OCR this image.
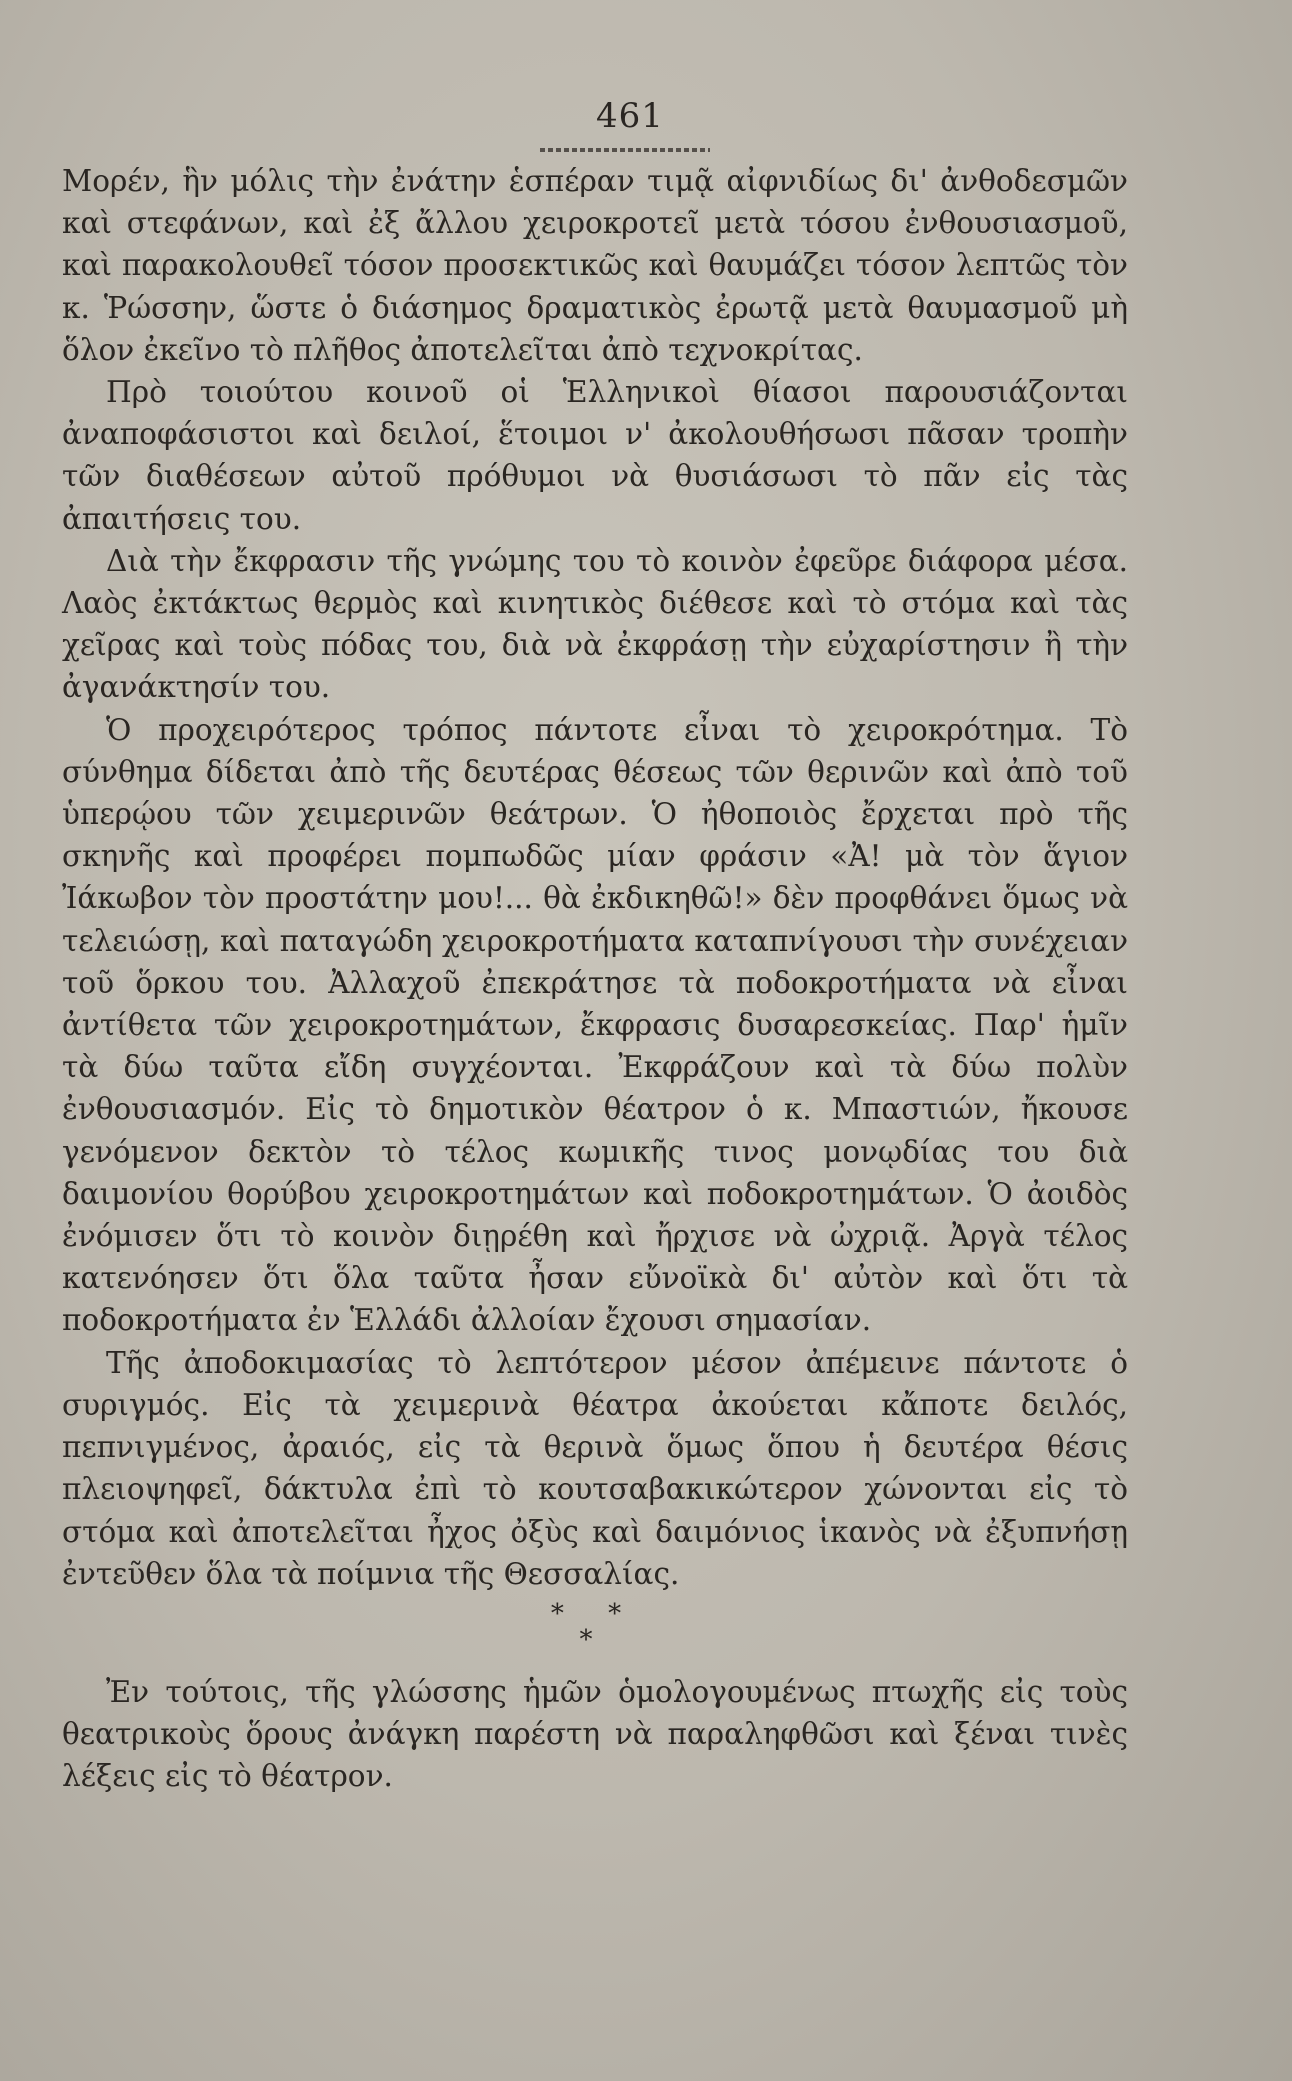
461

Μορέν, ἣν μόλις τὴν ἐνάτην ἑσπέραν τιμᾷ αἰφνιδίως δι' ἀνθοδεσμῶν καὶ στεφάνων, καὶ ἐξ ἄλλου χειροκροτεῖ μετὰ τόσου ἐνθουσιασμοῦ, καὶ παρακολουθεῖ τόσον προσεκτικῶς καὶ θαυμάζει τόσον λεπτῶς τὸν κ. Ῥώσσην, ὥστε ὁ διάσημος δραματικὸς ἐρωτᾷ μετὰ θαυμασμοῦ μὴ ὅλον ἐκεῖνο τὸ πλῆθος ἀποτελεῖται ἀπὸ τεχνοκρίτας.

Πρὸ τοιούτου κοινοῦ οἱ Ἑλληνικοὶ θίασοι παρουσιάζονται ἀναποφάσιστοι καὶ δειλοί, ἕτοιμοι ν' ἀκολουθήσωσι πᾶσαν τροπὴν τῶν διαθέσεων αὐτοῦ πρόθυμοι νὰ θυσιάσωσι τὸ πᾶν εἰς τὰς ἀπαιτήσεις του.

Διὰ τὴν ἔκφρασιν τῆς γνώμης του τὸ κοινὸν ἐφεῦρε διάφορα μέσα. Λαὸς ἐκτάκτως θερμὸς καὶ κινητικὸς διέθεσε καὶ τὸ στόμα καὶ τὰς χεῖρας καὶ τοὺς πόδας του, διὰ νὰ ἐκφράσῃ τὴν εὐχαρίστησιν ἢ τὴν ἀγανάκτησίν του.

Ὁ προχειρότερος τρόπος πάντοτε εἶναι τὸ χειροκρότημα. Τὸ σύνθημα δίδεται ἀπὸ τῆς δευτέρας θέσεως τῶν θερινῶν καὶ ἀπὸ τοῦ ὑπερῴου τῶν χειμερινῶν θεάτρων. Ὁ ἠθοποιὸς ἔρχεται πρὸ τῆς σκηνῆς καὶ προφέρει πομπωδῶς μίαν φράσιν «Ἀ! μὰ τὸν ἅγιον Ἰάκωβον τὸν προστάτην μου!... θὰ ἐκδικηθῶ!» δὲν προφθάνει ὅμως νὰ τελειώσῃ, καὶ παταγώδη χειροκροτήματα καταπνίγουσι τὴν συνέχειαν τοῦ ὅρκου του. Ἀλλαχοῦ ἐπεκράτησε τὰ ποδοκροτήματα νὰ εἶναι ἀντίθετα τῶν χειροκροτημάτων, ἔκφρασις δυσαρεσκείας. Παρ' ἡμῖν τὰ δύω ταῦτα εἴδη συγχέονται. Ἐκφράζουν καὶ τὰ δύω πολὺν ἐνθουσιασμόν. Εἰς τὸ δημοτικὸν θέατρον ὁ κ. Μπαστιών, ἤκουσε γενόμενον δεκτὸν τὸ τέλος κωμικῆς τινος μονῳδίας του διὰ δαιμονίου θορύβου χειροκροτημάτων καὶ ποδοκροτημάτων. Ὁ ἀοιδὸς ἐνόμισεν ὅτι τὸ κοινὸν διῃρέθη καὶ ἤρχισε νὰ ὠχριᾷ. Ἀργὰ τέλος κατενόησεν ὅτι ὅλα ταῦτα ἦσαν εὔνοϊκὰ δι' αὐτὸν καὶ ὅτι τὰ ποδοκροτήματα ἐν Ἑλλάδι ἀλλοίαν ἔχουσι σημασίαν.

Τῆς ἀποδοκιμασίας τὸ λεπτότερον μέσον ἀπέμεινε πάντοτε ὁ συριγμός. Εἰς τὰ χειμερινὰ θέατρα ἀκούεται κἄποτε δειλός, πεπνιγμένος, ἀραιός, εἰς τὰ θερινὰ ὅμως ὅπου ἡ δευτέρα θέσις πλειοψηφεῖ, δάκτυλα ἐπὶ τὸ κουτσαβακικώτερον χώνονται εἰς τὸ στόμα καὶ ἀποτελεῖται ἦχος ὀξὺς καὶ δαιμόνιος ἱκανὸς νὰ ἐξυπνήσῃ ἐντεῦθεν ὅλα τὰ ποίμνια τῆς Θεσσαλίας.

* *
*

Ἐν τούτοις, τῆς γλώσσης ἡμῶν ὁμολογουμένως πτωχῆς εἰς τοὺς θεατρικοὺς ὅρους ἀνάγκη παρέστη νὰ παραληφθῶσι καὶ ξέναι τινὲς λέξεις εἰς τὸ θέατρον.
